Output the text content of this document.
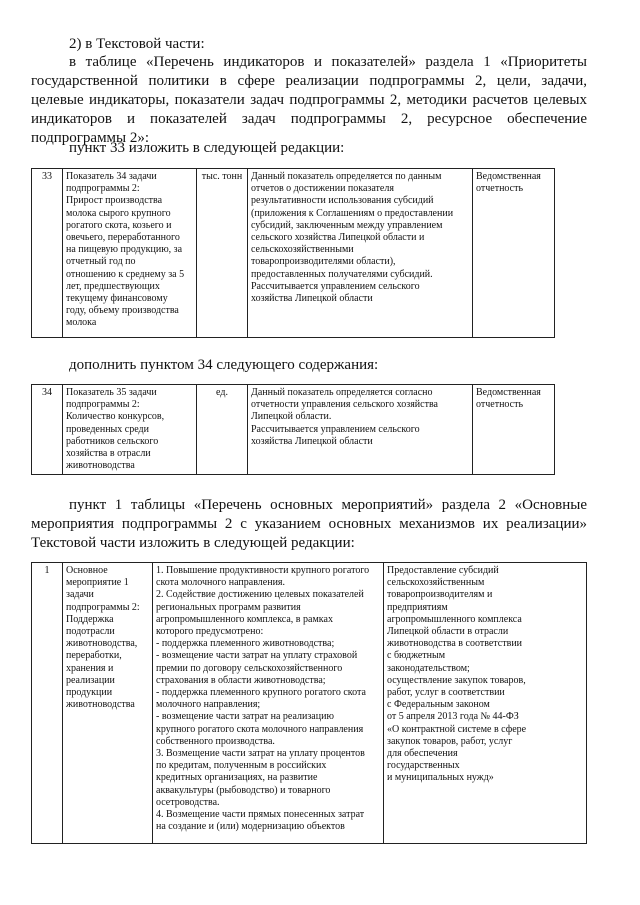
2) в Текстовой части:
в таблице «Перечень индикаторов и показателей» раздела 1 «Приоритеты государственной политики в сфере реализации подпрограммы 2, цели, задачи, целевые индикаторы, показатели задач подпрограммы 2, методики расчетов целевых индикаторов и показателей задач подпрограммы 2, ресурсное обеспечение подпрограммы 2»:
пункт 33 изложить в следующей редакции:
33	Показатель 34 задачи
подпрограммы 2:
Прирост производства
молока сырого крупного
рогатого скота, козьего и
овечьего, переработанного
на пищевую продукцию, за
отчетный год по
отношению к среднему за 5
лет, предшествующих
текущему финансовому
году, объему производства
молока	тыс. тонн	Данный показатель определяется по данным
отчетов о достижении показателя
результативности использования субсидий
(приложения к Соглашениям о предоставлении
субсидий, заключенным между управлением
сельского хозяйства Липецкой области и
сельскохозяйственными
товаропроизводителями области),
предоставленных получателями субсидий.
Рассчитывается управлением сельского
хозяйства Липецкой области	Ведомственная
отчетность
дополнить пунктом 34 следующего содержания:
34	Показатель 35 задачи
подпрограммы 2:
Количество конкурсов,
проведенных среди
работников сельского
хозяйства в отрасли
животноводства	ед.	Данный показатель определяется согласно
отчетности управления сельского хозяйства
Липецкой области.
Рассчитывается управлением сельского
хозяйства Липецкой области	Ведомственная
отчетность
пункт 1 таблицы «Перечень основных мероприятий» раздела 2 «Основные мероприятия подпрограммы 2 с указанием основных механизмов их реализации» Текстовой части изложить в следующей редакции:
1	Основное
мероприятие 1 задачи
подпрограммы 2:
Поддержка
подотрасли
животноводства,
переработки,
хранения и
реализации
продукции
животноводства	1. Повышение продуктивности крупного рогатого
скота молочного направления.
2. Содействие достижению целевых показателей
региональных программ развития
агропромышленного комплекса, в рамках
которого предусмотрено:
- поддержка племенного животноводства;
- возмещение части затрат на уплату страховой
премии по договору сельскохозяйственного
страхования в области животноводства;
- поддержка племенного крупного рогатого скота
молочного направления;
- возмещение части затрат на реализацию
крупного рогатого скота молочного направления
собственного производства.
3. Возмещение части затрат на уплату процентов
по кредитам, полученным в российских
кредитных организациях, на развитие
аквакультуры (рыбоводство) и товарного
осетроводства.
4. Возмещение части прямых понесенных затрат
на создание и (или) модернизацию объектов	Предоставление субсидий
сельскохозяйственным
товаропроизводителям и
предприятиям
агропромышленного комплекса
Липецкой области в отрасли
животноводства в соответствии
с бюджетным
законодательством;
осуществление закупок товаров,
работ, услуг в соответствии
с Федеральным законом
от 5 апреля 2013 года № 44-ФЗ
«О контрактной системе в сфере
закупок товаров, работ, услуг
для обеспечения
государственных
и муниципальных нужд»
